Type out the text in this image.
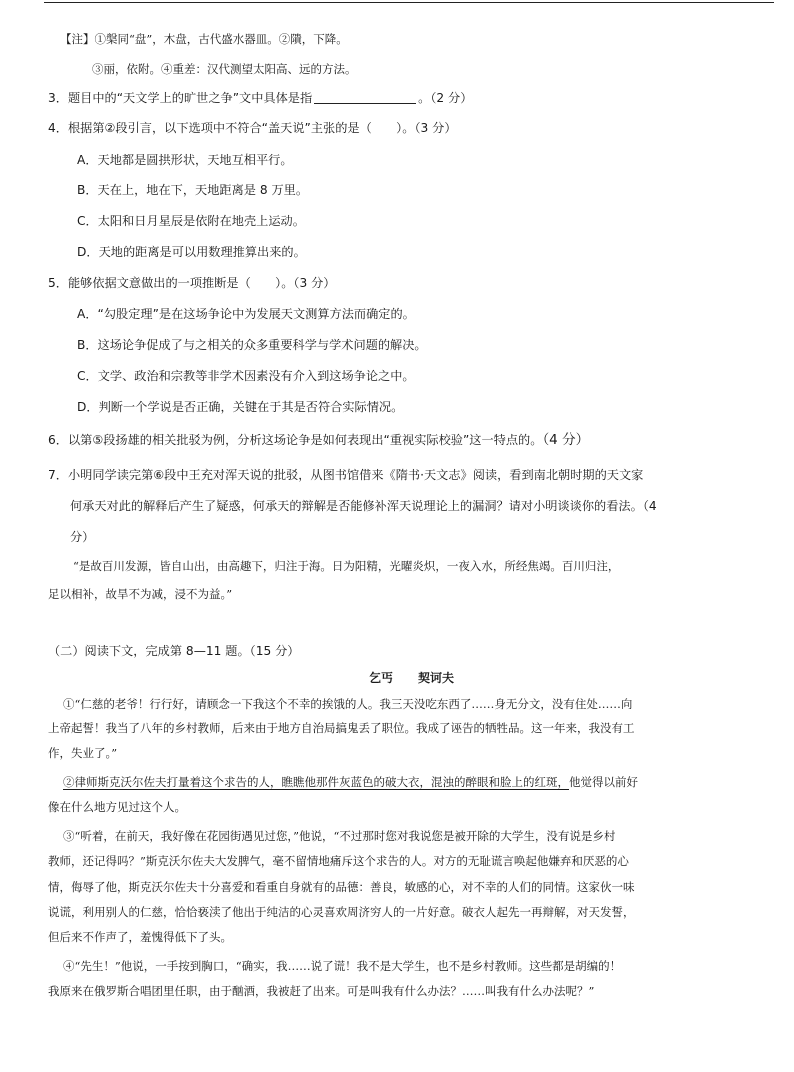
【注】①槃同“盘”，木盘，古代盛水器皿。②隤，下降。
③丽，依附。④重差：汉代测望太阳高、远的方法。
3．题目中的“天文学上的旷世之争”文中具体是指	。（2 分）
4．根据第②段引言，以下选项中不符合“盖天说”主张的是（　　）。（3 分）
A．天地都是圆拱形状，天地互相平行。
B．天在上，地在下，天地距离是 8 万里。
C．太阳和日月星辰是依附在地壳上运动。
D．天地的距离是可以用数理推算出来的。
5．能够依据文意做出的一项推断是（　　）。（3 分）
A．“勾股定理”是在这场争论中为发展天文测算方法而确定的。
B．这场论争促成了与之相关的众多重要科学与学术问题的解决。
C．文学、政治和宗教等非学术因素没有介入到这场争论之中。
D．判断一个学说是否正确，关键在于其是否符合实际情况。
6．以第⑤段扬雄的相关批驳为例，分析这场论争是如何表现出“重视实际校验”这一特点的。（4 分）
7．小明同学读完第⑥段中王充对浑天说的批驳，从图书馆借来《隋书·天文志》阅读，看到南北朝时期的天文家
何承天对此的解释后产生了疑惑，何承天的辩解是否能修补浑天说理论上的漏洞？请对小明谈谈你的看法。（4
分）
“是故百川发源，皆自山出，由高趣下，归注于海。日为阳精，光曜炎炽，一夜入水，所经焦竭。百川归注，
足以相补，故旱不为减，浸不为益。”
（二）阅读下文，完成第 8—11 题。（15 分）
乞丐 契诃夫
①“仁慈的老爷！行行好，请顾念一下我这个不幸的挨饿的人。我三天没吃东西了……身无分文，没有住处……向
上帝起誓！我当了八年的乡村教师，后来由于地方自治局搞鬼丢了职位。我成了诬告的牺牲品。这一年来，我没有工
作，失业了。”
②律师斯克沃尔佐夫打量着这个求告的人，瞧瞧他那件灰蓝色的破大衣，混浊的醉眼和脸上的红斑，他觉得以前好
像在什么地方见过这个人。
③“听着，在前天，我好像在花园街遇见过您，”他说，“不过那时您对我说您是被开除的大学生，没有说是乡村
教师，还记得吗？”斯克沃尔佐夫大发脾气，毫不留情地痛斥这个求告的人。对方的无耻谎言唤起他嫌弃和厌恶的心
情，侮辱了他，斯克沃尔佐夫十分喜爱和看重自身就有的品德：善良，敏感的心，对不幸的人们的同情。这家伙一味
说谎，利用别人的仁慈，恰恰亵渎了他出于纯洁的心灵喜欢周济穷人的一片好意。破衣人起先一再辩解，对天发誓，
但后来不作声了，羞愧得低下了头。
④“先生！”他说，一手按到胸口，“确实，我……说了谎！我不是大学生，也不是乡村教师。这些都是胡编的！
我原来在俄罗斯合唱团里任职，由于酗酒，我被赶了出来。可是叫我有什么办法？……叫我有什么办法呢？”
